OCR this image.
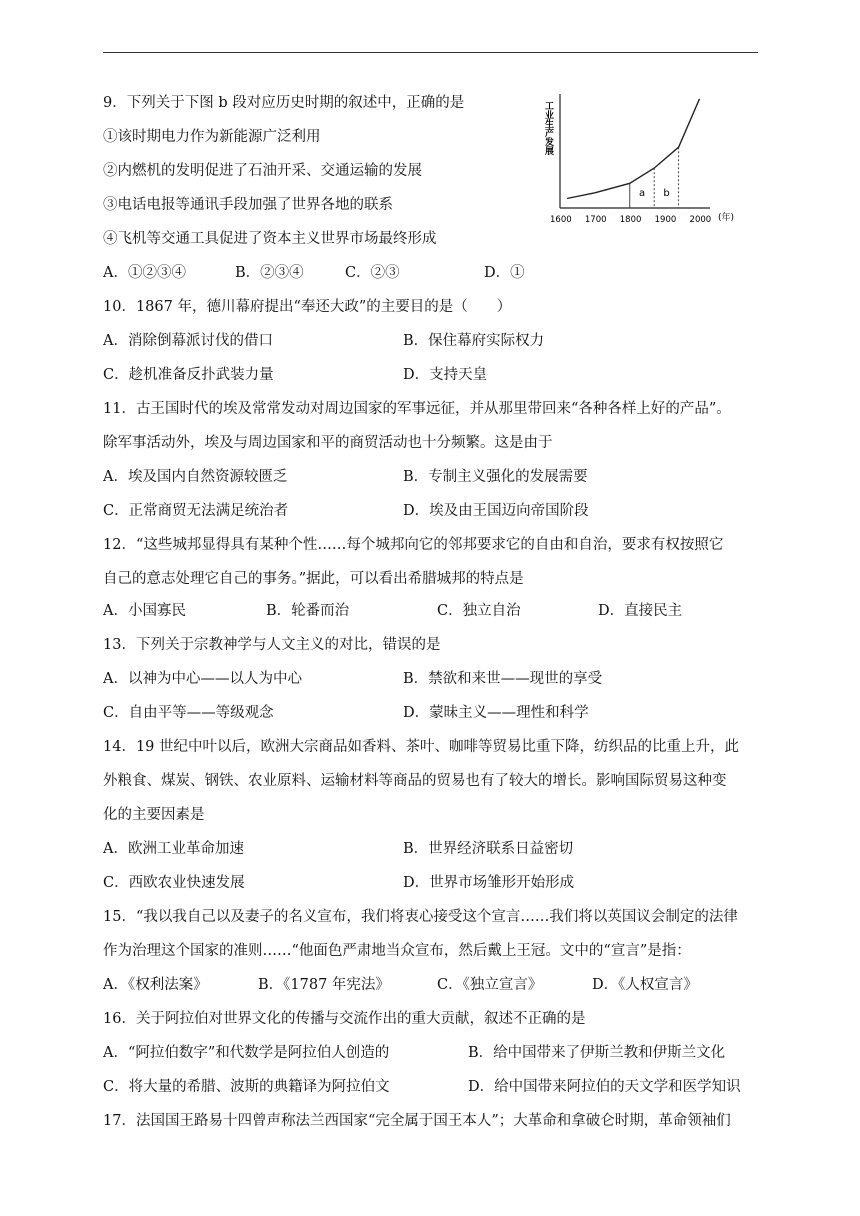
9．下列关于下图 b 段对应历史时期的叙述中，正确的是
①该时期电力作为新能源广泛利用
②内燃机的发明促进了石油开采、交通运输的发展
③电话电报等通讯手段加强了世界各地的联系
④飞机等交通工具促进了资本主义世界市场最终形成
A．①②③④	B．②③④	C．②③	D．①
工业生产发展
1600 1700 1800 1900 2000 (年)
a b
10．1867 年，德川幕府提出“奉还大政”的主要目的是（　　）
A．消除倒幕派讨伐的借口	B．保住幕府实际权力
C．趁机准备反扑武装力量	D．支持天皇
11．古王国时代的埃及常常发动对周边国家的军事远征，并从那里带回来“各种各样上好的产品”。
除军事活动外，埃及与周边国家和平的商贸活动也十分频繁。这是由于
A．埃及国内自然资源较匮乏	B．专制主义强化的发展需要
C．正常商贸无法满足统治者	D．埃及由王国迈向帝国阶段
12．“这些城邦显得具有某种个性……每个城邦向它的邻邦要求它的自由和自治，要求有权按照它
自己的意志处理它自己的事务。”据此，可以看出希腊城邦的特点是
A．小国寡民	B．轮番而治	C．独立自治	D．直接民主
13．下列关于宗教神学与人文主义的对比，错误的是
A．以神为中心——以人为中心	B．禁欲和来世——现世的享受
C．自由平等——等级观念	D．蒙昧主义——理性和科学
14．19 世纪中叶以后，欧洲大宗商品如香料、茶叶、咖啡等贸易比重下降，纺织品的比重上升，此
外粮食、煤炭、钢铁、农业原料、运输材料等商品的贸易也有了较大的增长。影响国际贸易这种变
化的主要因素是
A．欧洲工业革命加速	B．世界经济联系日益密切
C．西欧农业快速发展	D．世界市场雏形开始形成
15．“我以我自己以及妻子的名义宣布，我们将衷心接受这个宣言……我们将以英国议会制定的法律
作为治理这个国家的准则……“他面色严肃地当众宣布，然后戴上王冠。文中的“宣言”是指：
A．《权利法案》	B．《1787 年宪法》	C．《独立宣言》	D．《人权宣言》
16．关于阿拉伯对世界文化的传播与交流作出的重大贡献，叙述不正确的是
A．“阿拉伯数字”和代数学是阿拉伯人创造的	B．给中国带来了伊斯兰教和伊斯兰文化
C．将大量的希腊、波斯的典籍译为阿拉伯文	D．给中国带来阿拉伯的天文学和医学知识
17．法国国王路易十四曾声称法兰西国家“完全属于国王本人”；大革命和拿破仑时期，革命领袖们
